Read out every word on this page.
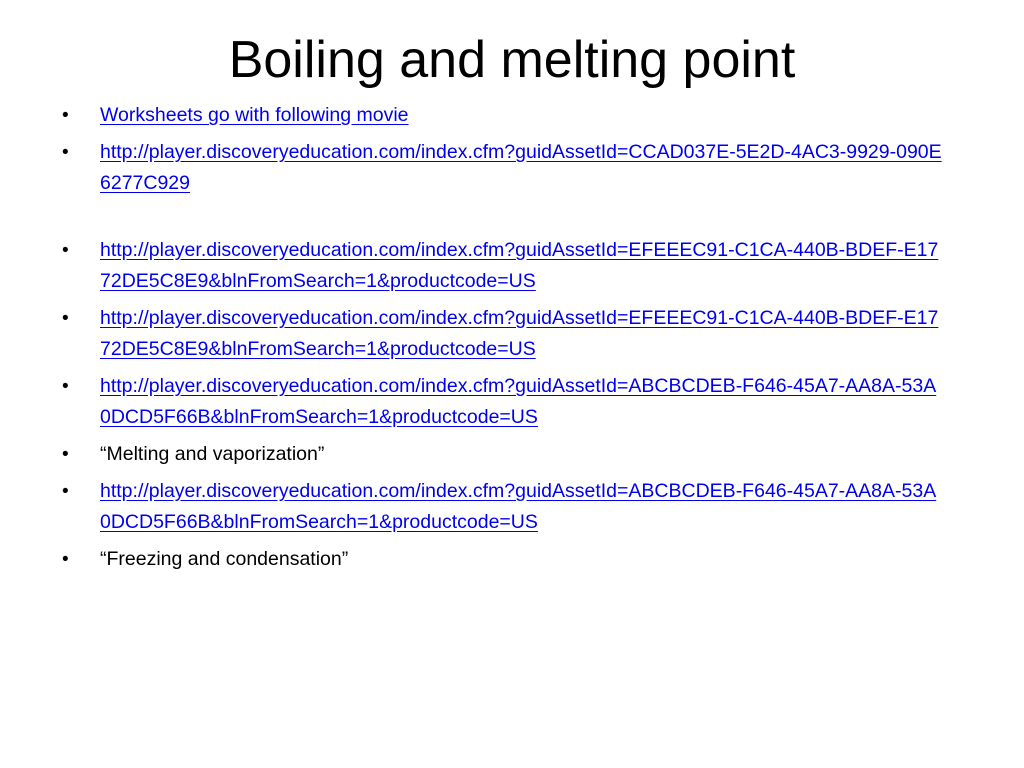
Boiling and melting point
• Worksheets go with following movie
• http://player.discoveryeducation.com/index.cfm?guidAssetId=CCAD037E-5E2D-4AC3-9929-090E6277C929
• http://player.discoveryeducation.com/index.cfm?guidAssetId=EFEEEC91-C1CA-440B-BDEF-E1772DE5C8E9&blnFromSearch=1&productcode=US
• http://player.discoveryeducation.com/index.cfm?guidAssetId=EFEEEC91-C1CA-440B-BDEF-E1772DE5C8E9&blnFromSearch=1&productcode=US
• http://player.discoveryeducation.com/index.cfm?guidAssetId=ABCBCDEB-F646-45A7-AA8A-53A0DCD5F66B&blnFromSearch=1&productcode=US
• “Melting and vaporization”
• http://player.discoveryeducation.com/index.cfm?guidAssetId=ABCBCDEB-F646-45A7-AA8A-53A0DCD5F66B&blnFromSearch=1&productcode=US
• “Freezing and condensation”
